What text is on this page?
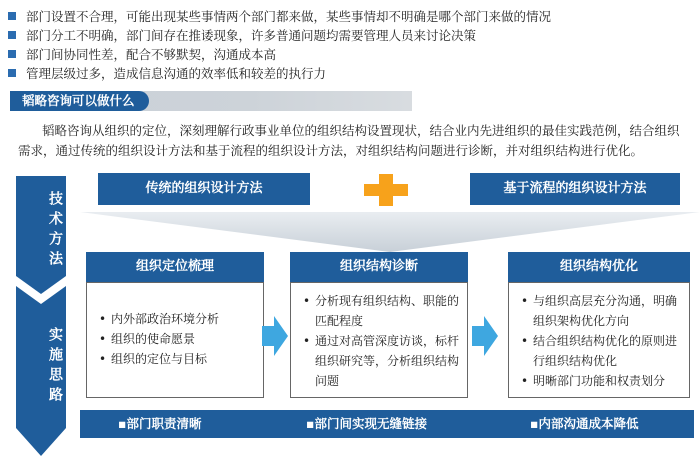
部门设置不合理，可能出现某些事情两个部门都来做，某些事情却不明确是哪个部门来做的情况
部门分工不明确，部门间存在推诿现象，许多普通问题均需要管理人员来讨论决策
部门间协同性差，配合不够默契，沟通成本高
管理层级过多，造成信息沟通的效率低和较差的执行力
韬略咨询可以做什么
韬略咨询从组织的定位，深刻理解行政事业单位的组织结构设置现状，结合业内先进组织的最佳实践范例，结合组织需求，通过传统的组织设计方法和基于流程的组织设计方法，对组织结构问题进行诊断，并对组织结构进行优化。
技术方法
实施思路
传统的组织设计方法	基于流程的组织设计方法
组织定位梳理
• 内外部政治环境分析
• 组织的使命愿景
• 组织的定位与目标
组织结构诊断
• 分析现有组织结构、职能的匹配程度
• 通过对高管深度访谈，标杆组织研究等，分析组织结构问题
组织结构优化
• 与组织高层充分沟通，明确组织架构优化方向
• 结合组织结构优化的原则进行组织结构优化
• 明晰部门功能和权责划分
▪部门职责清晰	▪部门间实现无缝链接	▪内部沟通成本降低
